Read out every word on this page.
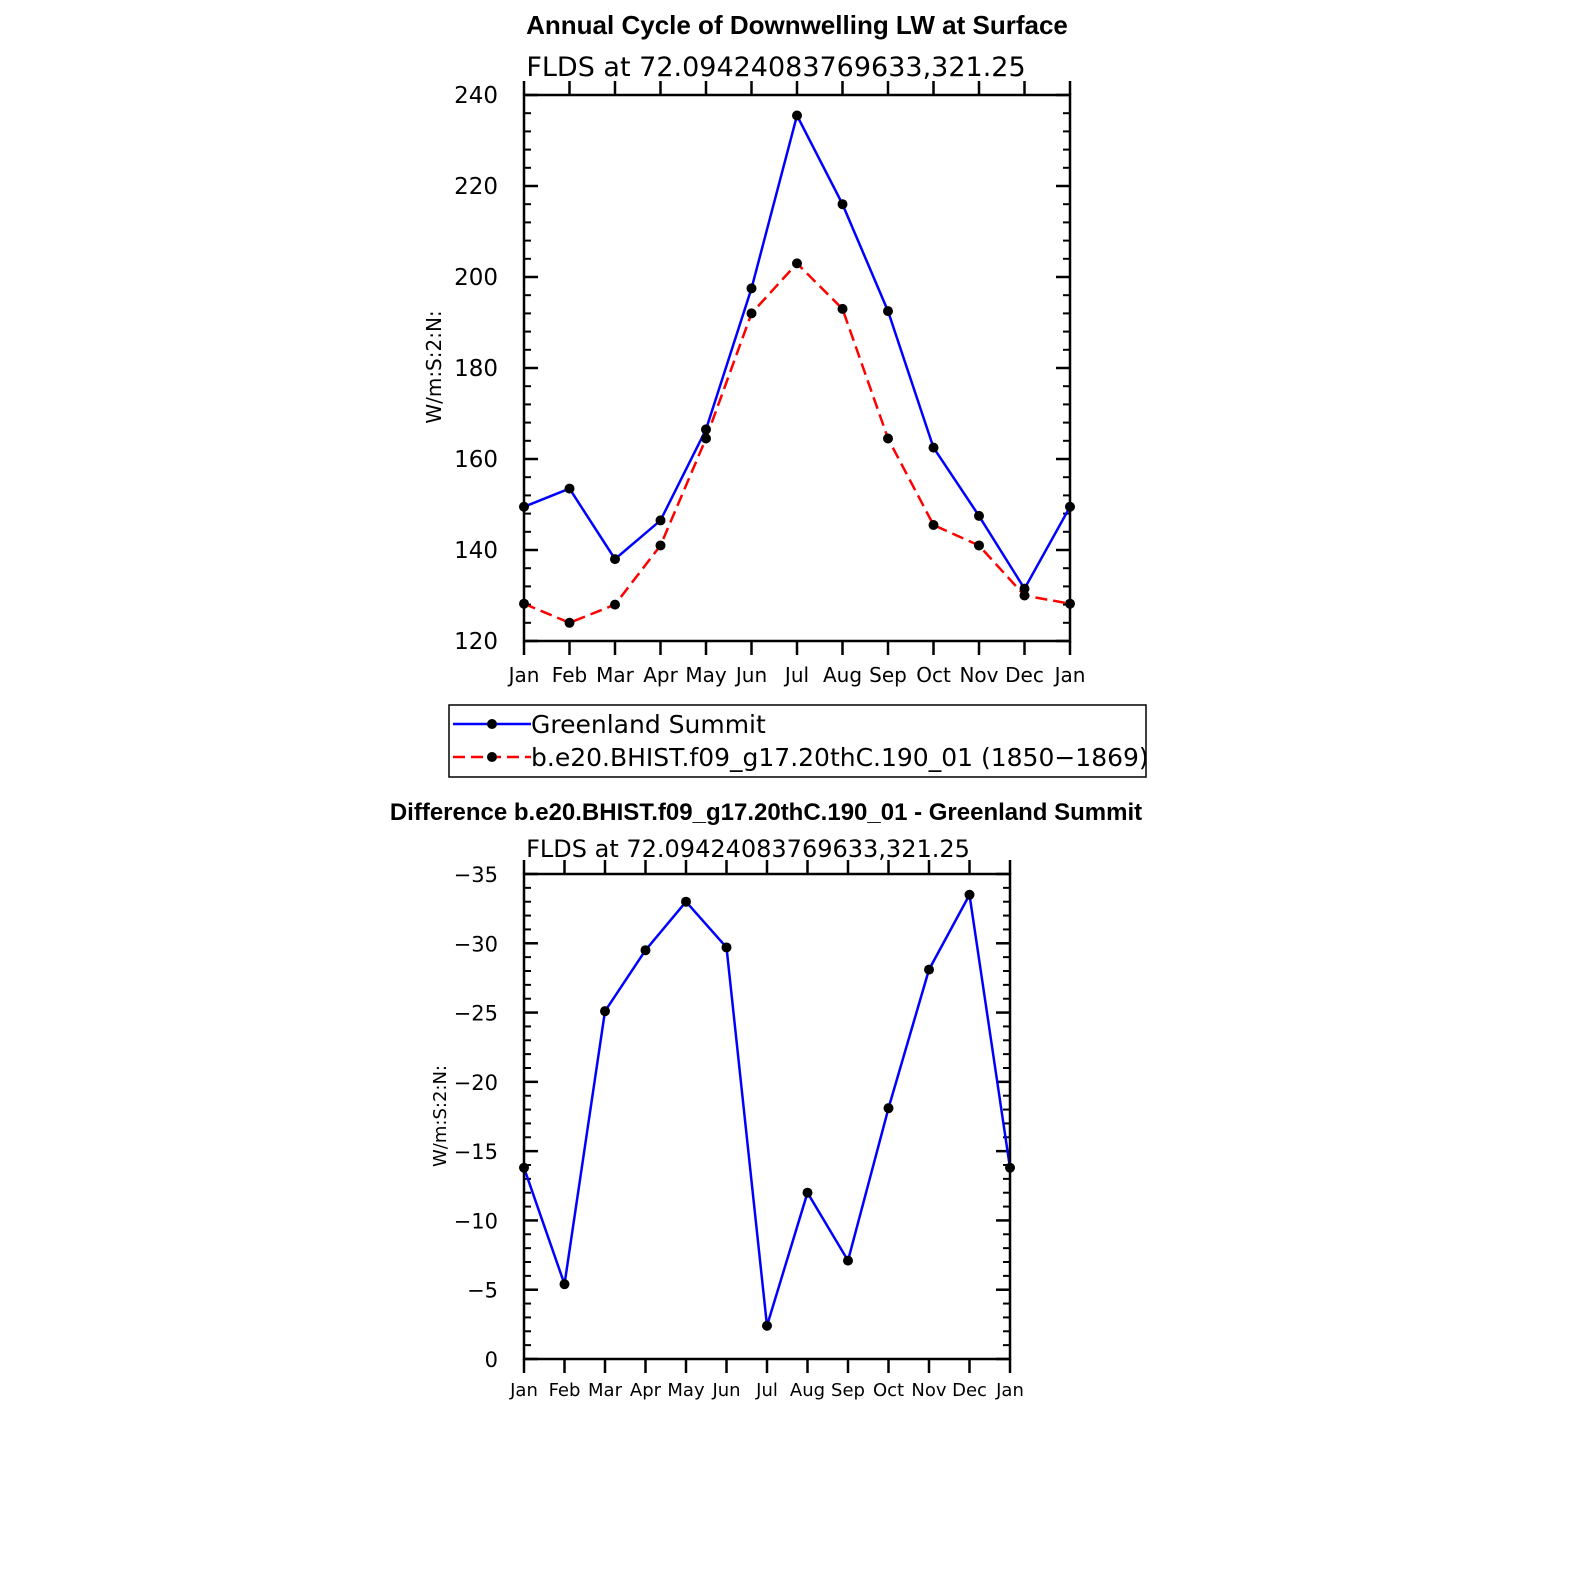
Annual Cycle of Downwelling LW at Surface
FLDS at 72.09424083769633,321.25
W/m:S:2:N:
120
140
160
180
200
220
240
Jan Feb Mar Apr May Jun Jul Aug Sep Oct Nov Dec Jan
Greenland Summit
b.e20.BHIST.f09_g17.20thC.190_01 (1850−1869)
Difference b.e20.BHIST.f09_g17.20thC.190_01 - Greenland Summit
FLDS at 72.09424083769633,321.25
W/m:S:2:N:
0
−5
−10
−15
−20
−25
−30
−35
Jan Feb Mar Apr May Jun Jul Aug Sep Oct Nov Dec Jan
